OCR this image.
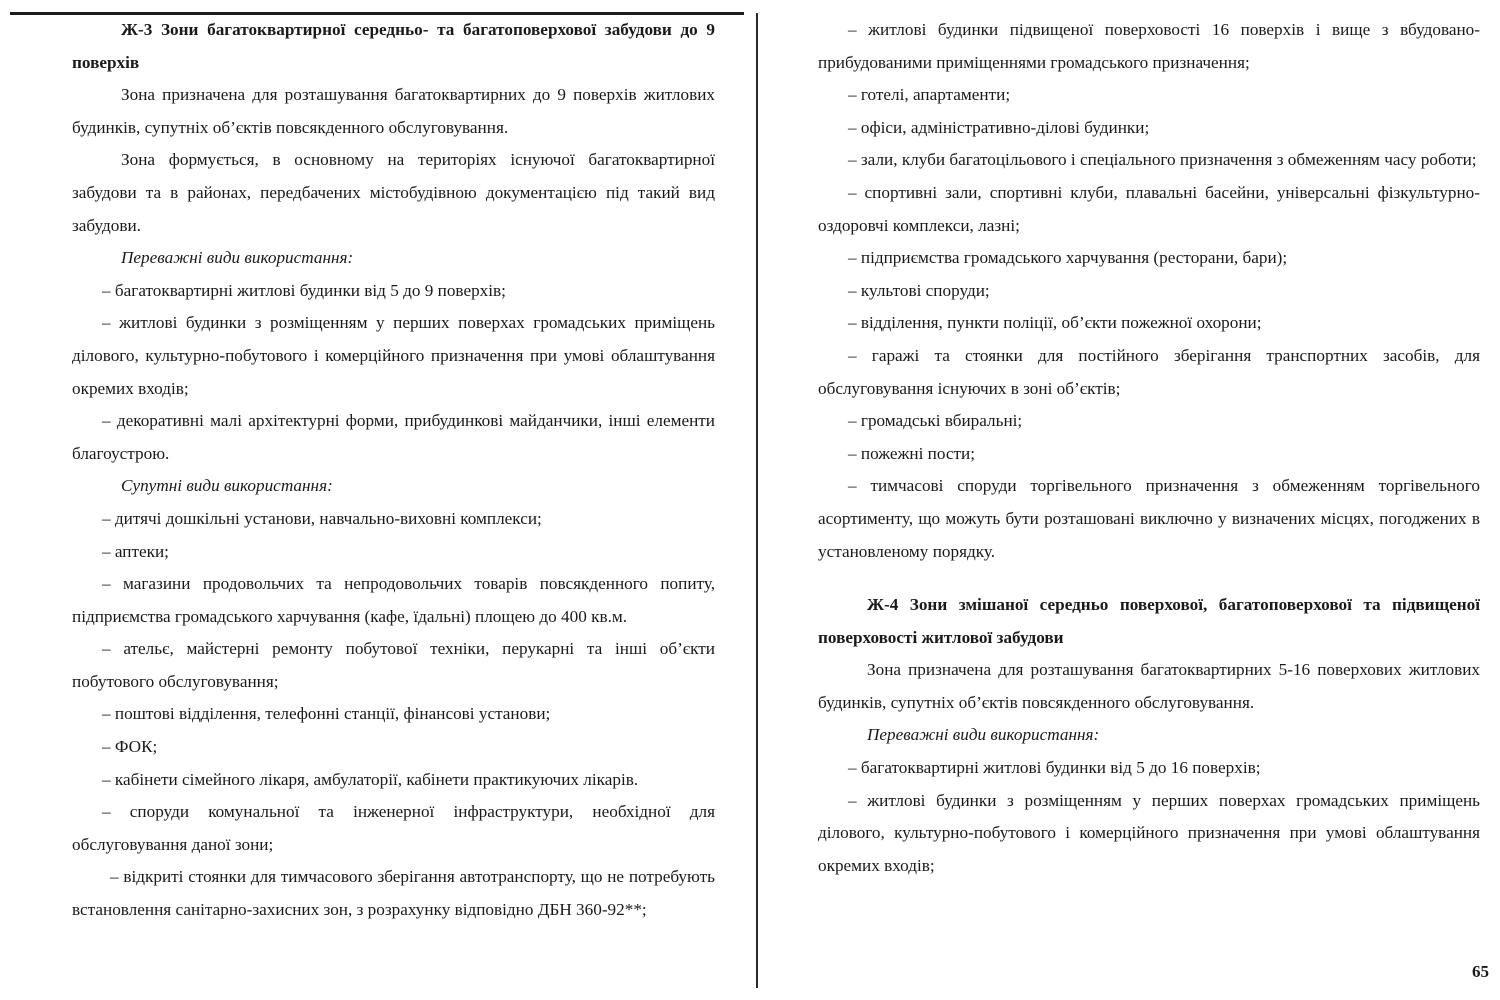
Ж-3 Зони багатоквартирної середньо- та багатоповерхової забудови до 9 поверхів

Зона призначена для розташування багатоквартирних до 9 поверхів житлових будинків, супутніх об’єктів повсякденного обслуговування.

Зона формується, в основному на територіях існуючої багатоквартирної забудови та в районах, передбачених містобудівною документацією під такий вид забудови.

Переважні види використання:

– багатоквартирні житлові будинки від 5 до 9 поверхів;

– житлові будинки з розміщенням у перших поверхах громадських приміщень ділового, культурно-побутового і комерційного призначення при умові облаштування окремих входів;

– декоративні малі архітектурні форми, прибудинкові майданчики, інші елементи благоустрою.

Супутні види використання:

– дитячі дошкільні установи, навчально-виховні комплекси;

– аптеки;

– магазини продовольчих та непродовольчих товарів повсякденного попиту, підприємства громадського харчування (кафе, їдальні) площею до 400 кв.м.

– ательє, майстерні ремонту побутової техніки, перукарні та інші об’єкти побутового обслуговування;

– поштові відділення, телефонні станції, фінансові установи;

– ФОК;

– кабінети сімейного лікаря, амбулаторії, кабінети практикуючих лікарів.

– споруди комунальної та інженерної інфраструктури, необхідної для обслуговування даної зони;

– відкриті стоянки для тимчасового зберігання автотранспорту, що не потребують встановлення санітарно-захисних зон, з розрахунку відповідно ДБН 360-92**;

– житлові будинки підвищеної поверховості 16 поверхів і вище з вбудовано-прибудованими приміщеннями громадського призначення;

– готелі, апартаменти;

– офіси, адміністративно-ділові будинки;

– зали, клуби багатоцільового і спеціального призначення з обмеженням часу роботи;

– спортивні зали, спортивні клуби, плавальні басейни, універсальні фізкультурно-оздоровчі комплекси, лазні;

– підприємства громадського харчування (ресторани, бари);

– культові споруди;

– відділення, пункти поліції, об’єкти пожежної охорони;

– гаражі та стоянки для постійного зберігання транспортних засобів, для обслуговування існуючих в зоні об’єктів;

– громадські вбиральні;

– пожежні пости;

– тимчасові споруди торгівельного призначення з обмеженням торгівельного асортименту, що можуть бути розташовані виключно у визначених місцях, погоджених в установленому порядку.

Ж-4 Зони змішаної середньо поверхової, багатоповерхової та підвищеної поверховості житлової забудови

Зона призначена для розташування багатоквартирних 5-16 поверхових житлових будинків, супутніх об’єктів повсякденного обслуговування.

Переважні види використання:

– багатоквартирні житлові будинки від 5 до 16 поверхів;

– житлові будинки з розміщенням у перших поверхах громадських приміщень ділового, культурно-побутового і комерційного призначення при умові облаштування окремих входів;

65
